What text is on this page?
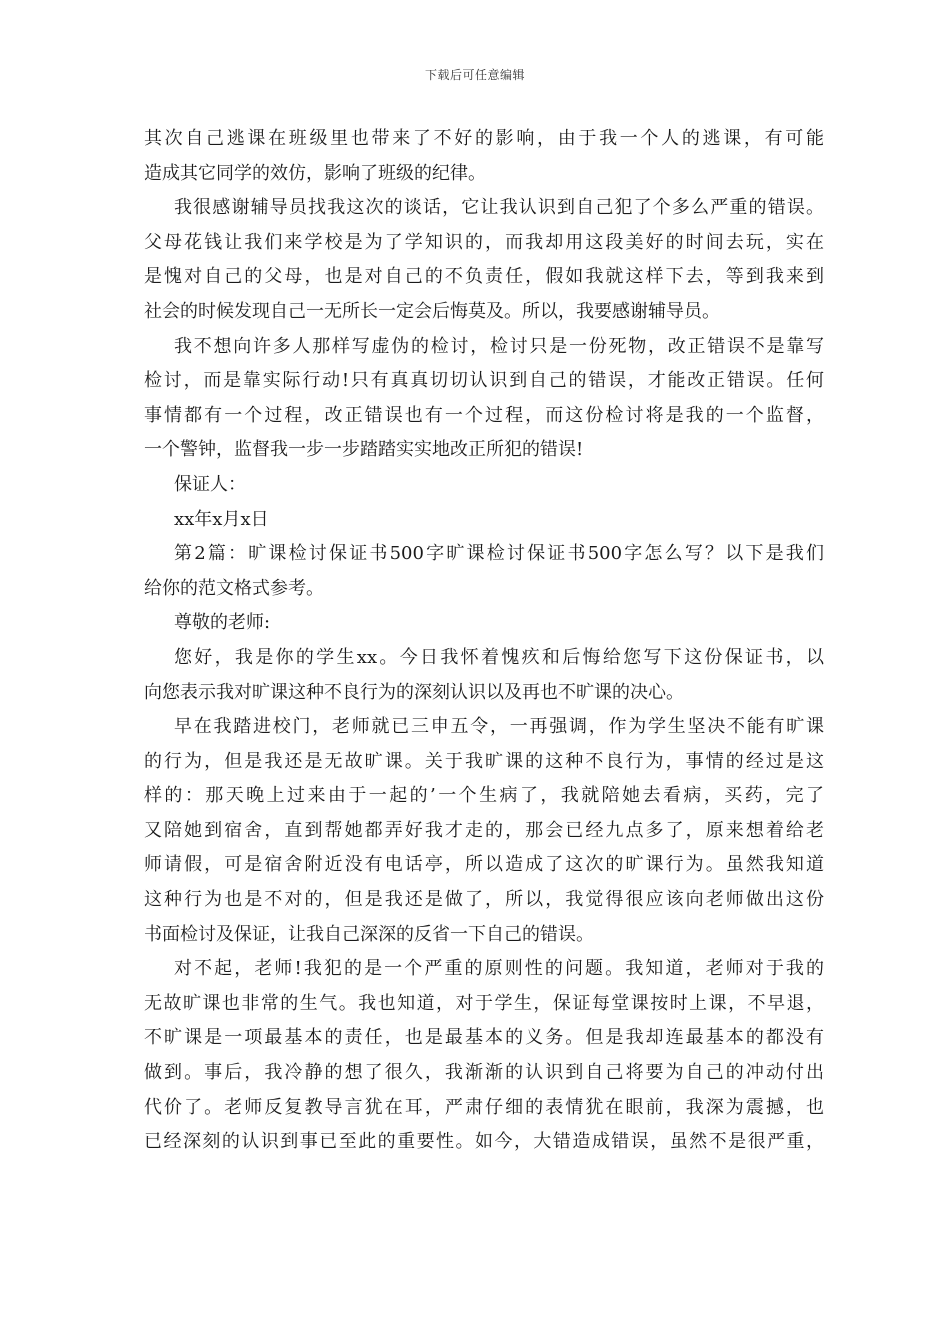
下载后可任意编辑
其次自己逃课在班级里也带来了不好的影响，由于我一个人的逃课，有可能
造成其它同学的效仿，影响了班级的纪律。
我很感谢辅导员找我这次的谈话，它让我认识到自己犯了个多么严重的错误。
父母花钱让我们来学校是为了学知识的，而我却用这段美好的时间去玩，实在
是愧对自己的父母，也是对自己的不负责任，假如我就这样下去，等到我来到
社会的时候发现自己一无所长一定会后悔莫及。所以，我要感谢辅导员。
我不想向许多人那样写虚伪的检讨，检讨只是一份死物，改正错误不是靠写
检讨，而是靠实际行动!只有真真切切认识到自己的错误，才能改正错误。任何
事情都有一个过程，改正错误也有一个过程，而这份检讨将是我的一个监督，
一个警钟，监督我一步一步踏踏实实地改正所犯的错误!
保证人：
xx年x月x日
第2篇：旷课检讨保证书500字旷课检讨保证书500字怎么写？以下是我们
给你的范文格式参考。
尊敬的老师:
您好，我是你的学生xx。今日我怀着愧疚和后悔给您写下这份保证书，以
向您表示我对旷课这种不良行为的深刻认识以及再也不旷课的决心。
早在我踏进校门，老师就已三申五令，一再强调，作为学生坚决不能有旷课
的行为，但是我还是无故旷课。关于我旷课的这种不良行为，事情的经过是这
样的：那天晚上过来由于一起的’一个生病了，我就陪她去看病，买药，完了
又陪她到宿舍，直到帮她都弄好我才走的，那会已经九点多了，原来想着给老
师请假，可是宿舍附近没有电话亭，所以造成了这次的旷课行为。虽然我知道
这种行为也是不对的，但是我还是做了，所以，我觉得很应该向老师做出这份
书面检讨及保证，让我自己深深的反省一下自己的错误。
对不起，老师!我犯的是一个严重的原则性的问题。我知道，老师对于我的
无故旷课也非常的生气。我也知道，对于学生，保证每堂课按时上课，不早退，
不旷课是一项最基本的责任，也是最基本的义务。但是我却连最基本的都没有
做到。事后，我冷静的想了很久，我渐渐的认识到自己将要为自己的冲动付出
代价了。老师反复教导言犹在耳，严肃仔细的表情犹在眼前，我深为震撼，也
已经深刻的认识到事已至此的重要性。如今，大错造成错误，虽然不是很严重，
